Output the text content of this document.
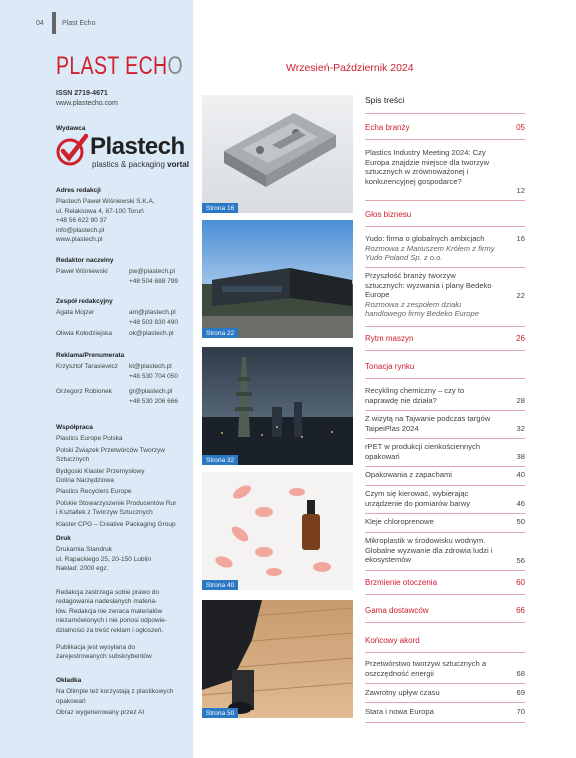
04	Plast Echo
PLAST ECHO
ISSN 2719-4671
www.plastecho.com
Wydawca
Plastech
plastics & packaging vortal
Adres redakcji
Plastech Paweł Wiśniewski S.K.A.
ul. Relaksowa 4, 87-100 Toruń
+48 56 622 90 37
info@plastech.pl
www.plastech.pl
Redaktor naczelny
Paweł Wiśniewski	pw@plastech.pl
+48 504 688 799
Zespół redakcyjny
Agata Mojzer	am@plastech.pl
+48 503 830 490
Oliwia Kołodziejska	ok@plastech.pl
Reklama/Prenumerata
Krzysztof Tarasiewicz	kt@plastech.pl
+48 530 704 050
Grzegorz Robionek	gr@plastech.pl
+48 530 206 666
Współpraca
Plastics Europe Polska
Polski Związek Przetwórców Tworzyw
Sztucznych
Bydgoski Klaster Przemysłowy
Dolina Narzędziowa
Plastics Recyclers Europe
Polskie Stowarzyszenie Producentów Rur
i Kształtek z Tworzyw Sztucznych
Klaster CPG – Creative Packaging Group
Druk
Drukarnia Standruk
ul. Rapackiego 25, 20-150 Lublin
Nakład: 2000 egz.
Redakcja zastrzega sobie prawo do
redagowania nadesłanych materia-
łów. Redakcja nie zwraca materiałów
niezamówionych i nie ponosi odpowie-
dzialności za treść reklam i ogłoszeń.
Publikacja jest wysyłana do
zarejestrowanych subskrybentów
Okładka
Na Olimpie też korzystają z plastikowych
opakowań
Obraz wygenerowany przez AI
Wrzesień-Październik 2024
Strona 16
Strona 22
Strona 32
Strona 40
Strona 50
Spis treści
Echa branży	05
Plastics Industry Meeting 2024: Czy Europa znajdzie miejsce dla tworzyw sztucznych w zrównoważonej i konkurencyjnej gospodarce?
12
Głos biznesu
Yudo: firma o globalnych ambicjach
Rozmowa z Mariuszem Królem z firmy Yudo Poland Sp. z o.o.
16
Przyszłość branży tworzyw sztucznych: wyzwania i plany Bedeko Europe
Rozmowa z zespołem działu handlowego firmy Bedeko Europe
22
Rytm maszyn	26
Tonacja rynku
Recykling chemiczny – czy to naprawdę nie działa?	28
Z wizytą na Tajwanie podczas targów TaipeiPlas 2024	32
rPET w produkcji cienkościennych opakowań	38
Opakowania z zapachami	40
Czym się kierować, wybierając urządzenie do pomiarów barwy	46
Kleje chloroprenowe	50
Mikroplastik w środowisku wodnym. Globalne wyzwanie dla zdrowia ludzi i ekosystemów	56
Brzmienie otoczenia	60
Gama dostawców	66
Końcowy akord
Przetwórstwo tworzyw sztucznych a oszczędność energii	68
Zawrotny upływ czasu	69
Stara i nowa Europa	70
